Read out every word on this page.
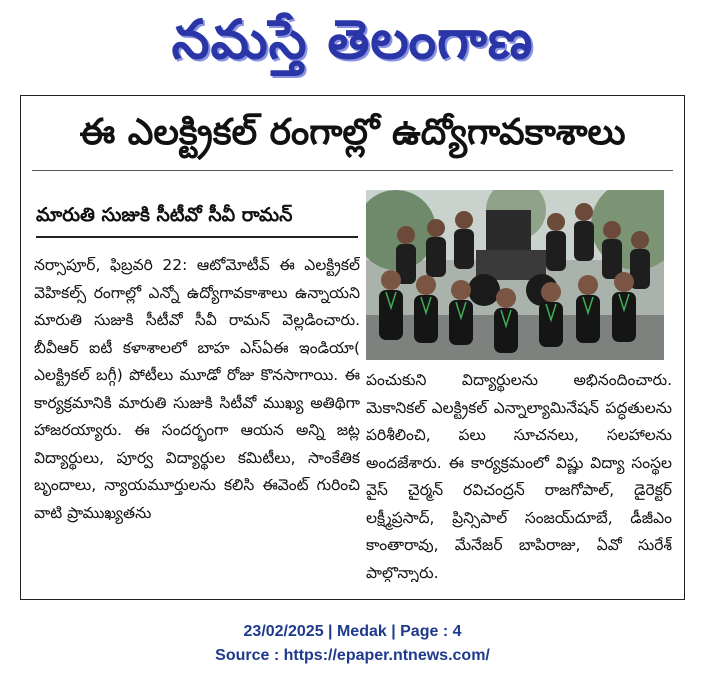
నమస్తే తెలంగాణ
ఈ ఎలక్ట్రికల్ రంగాల్లో ఉద్యోగావకాశాలు
మారుతి సుజుకి సీటీవో సీవీ రామన్
నర్సాపూర్, ఫిబ్రవరి 22: ఆటోమోటీవ్ ఈ ఎలక్ట్రికల్ వెహికల్స్ రంగాల్లో ఎన్నో ఉద్యోగావకాశాలు ఉన్నాయని మారుతి సుజుకి సీటీవో సీవీ రామన్ వెల్లడించారు. బీవీఆర్ ఐటీ కళాశాలలో బాహ ఎస్ఏఈ ఇండియా( ఎలక్ట్రికల్ బగ్గీ) పోటీలు మూడో రోజు కొనసాగాయి. ఈ కార్యక్రమానికి మారుతి సుజుకి సిటీవో ముఖ్య అతిథిగా హాజరయ్యారు. ఈ సందర్భంగా ఆయన అన్ని జట్ల విద్యార్థులు, పూర్వ విద్యార్థుల కమిటీలు, సాంకేతిక బృందాలు, న్యాయమూర్తులను కలిసి ఈవెంట్ గురించి వాటి ప్రాముఖ్యతను
పంచుకుని విద్యార్థులను అభినందించారు. మెకానికల్ ఎలక్ట్రికల్ ఎన్నాల్యామినేషన్ పద్ధతులను పరిశీలించి, పలు సూచనలు, సలహాలను అందజేశారు. ఈ కార్యక్రమంలో విష్ణు విద్యా సంస్థల వైస్ చైర్మన్ రవిచంద్రన్ రాజగోపాల్, డైరెక్టర్ లక్ష్మీప్రసాద్, ప్రిన్సిపాల్ సంజయ్‌దూబే, డీజీఎం కాంతారావు, మేనేజర్ బాపిరాజు, ఏవో సురేశ్ పాల్గొన్నారు.
23/02/2025 | Medak | Page : 4
Source : https://epaper.ntnews.com/
